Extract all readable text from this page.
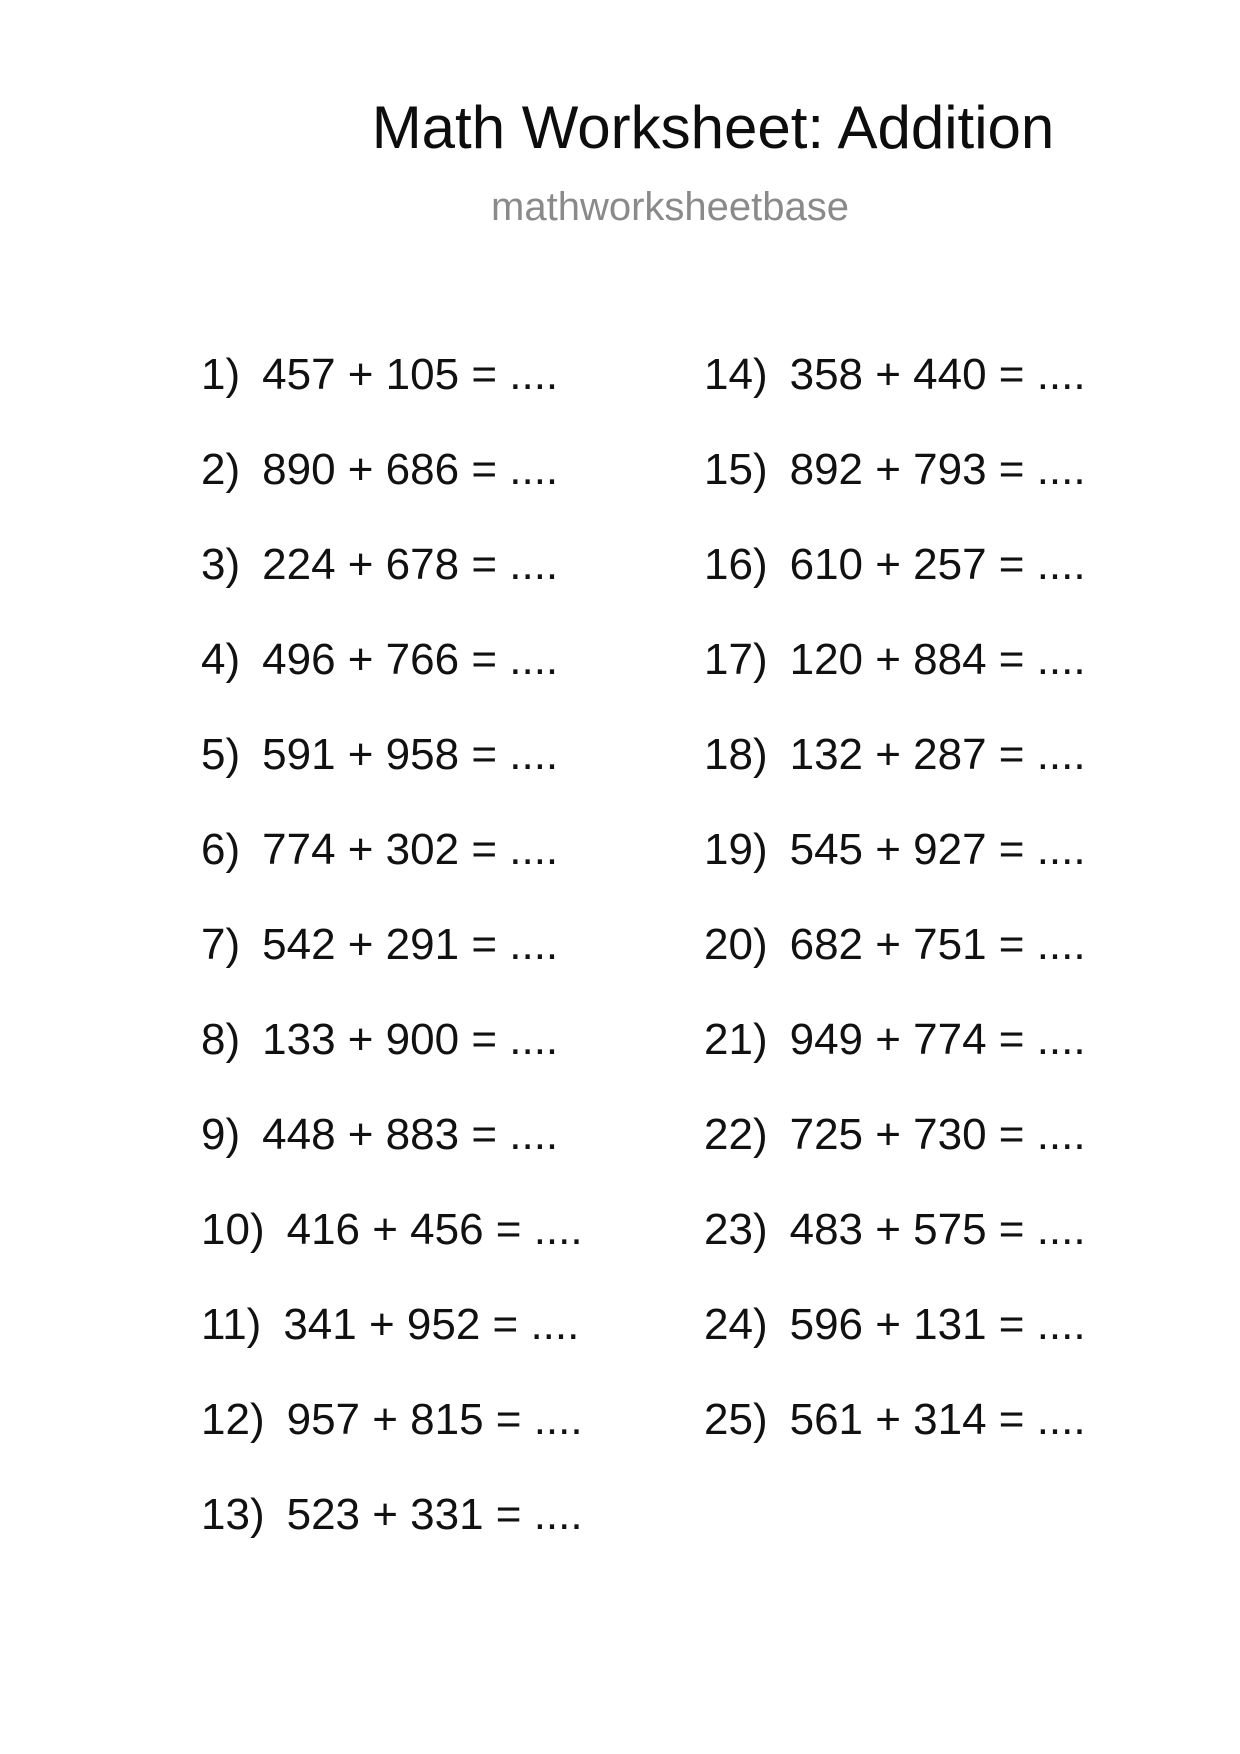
Math Worksheet: Addition
mathworksheetbase
1) 457 + 105 = ....
2) 890 + 686 = ....
3) 224 + 678 = ....
4) 496 + 766 = ....
5) 591 + 958 = ....
6) 774 + 302 = ....
7) 542 + 291 = ....
8) 133 + 900 = ....
9) 448 + 883 = ....
10) 416 + 456 = ....
11) 341 + 952 = ....
12) 957 + 815 = ....
13) 523 + 331 = ....
14) 358 + 440 = ....
15) 892 + 793 = ....
16) 610 + 257 = ....
17) 120 + 884 = ....
18) 132 + 287 = ....
19) 545 + 927 = ....
20) 682 + 751 = ....
21) 949 + 774 = ....
22) 725 + 730 = ....
23) 483 + 575 = ....
24) 596 + 131 = ....
25) 561 + 314 = ....
